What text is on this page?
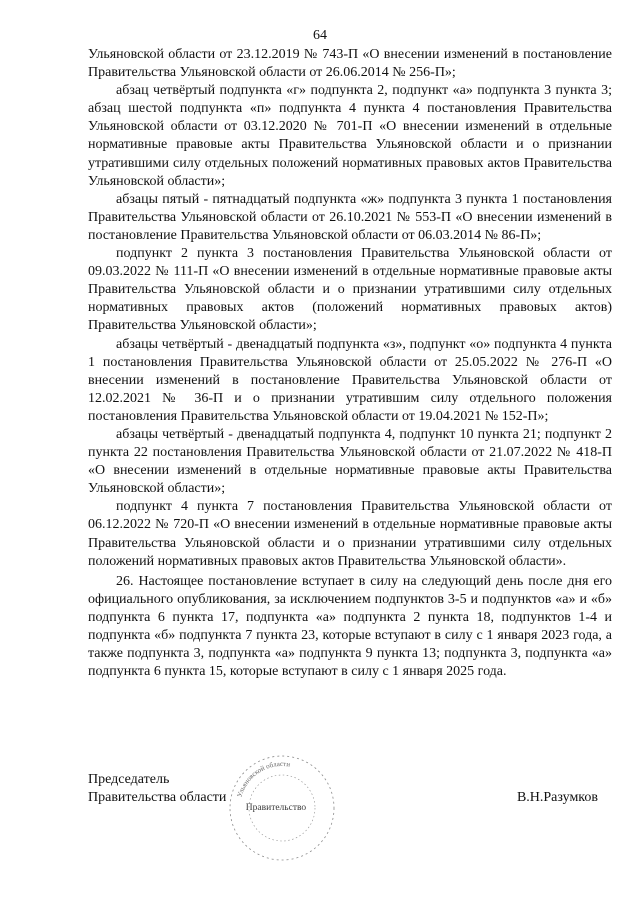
64

Ульяновской области от 23.12.2019 № 743-П «О внесении изменений в постановление Правительства Ульяновской области от 26.06.2014 № 256-П»;

абзац четвёртый подпункта «г» подпункта 2, подпункт «а» подпункта 3 пункта 3; абзац шестой подпункта «п» подпункта 4 пункта 4 постановления Правительства Ульяновской области от 03.12.2020 № 701-П «О внесении изменений в отдельные нормативные правовые акты Правительства Ульяновской области и о признании утратившими силу отдельных положений нормативных правовых актов Правительства Ульяновской области»;

абзацы пятый - пятнадцатый подпункта «ж» подпункта 3 пункта 1 постановления Правительства Ульяновской области от 26.10.2021 № 553-П «О внесении изменений в постановление Правительства Ульяновской области от 06.03.2014 № 86-П»;

подпункт 2 пункта 3 постановления Правительства Ульяновской области от 09.03.2022 № 111-П «О внесении изменений в отдельные нормативные правовые акты Правительства Ульяновской области и о признании утратившими силу отдельных нормативных правовых актов (положений нормативных правовых актов) Правительства Ульяновской области»;

абзацы четвёртый - двенадцатый подпункта «з», подпункт «о» подпункта 4 пункта 1 постановления Правительства Ульяновской области от 25.05.2022 № 276-П «О внесении изменений в постановление Правительства Ульяновской области от 12.02.2021 № 36-П и о признании утратившим силу отдельного положения постановления Правительства Ульяновской области от 19.04.2021 № 152-П»;

абзацы четвёртый - двенадцатый подпункта 4, подпункт 10 пункта 21; подпункт 2 пункта 22 постановления Правительства Ульяновской области от 21.07.2022 № 418-П «О внесении изменений в отдельные нормативные правовые акты Правительства Ульяновской области»;

подпункт 4 пункта 7 постановления Правительства Ульяновской области от 06.12.2022 № 720-П «О внесении изменений в отдельные нормативные правовые акты Правительства Ульяновской области и о признании утратившими силу отдельных положений нормативных правовых актов Правительства Ульяновской области».

26. Настоящее постановление вступает в силу на следующий день после дня его официального опубликования, за исключением подпунктов 3-5 и подпунктов «а» и «б» подпункта 6 пункта 17, подпункта «а» подпункта 2 пункта 18, подпунктов 1-4 и подпункта «б» подпункта 7 пункта 23, которые вступают в силу с 1 января 2023 года, а также подпункта 3, подпункта «а» подпункта 9 пункта 13; подпункта 3, подпункта «а» подпункта 6 пункта 15, которые вступают в силу с 1 января 2025 года.

Ульяновской области
Правительство
Председатель
Правительства области	В.Н.Разумков
